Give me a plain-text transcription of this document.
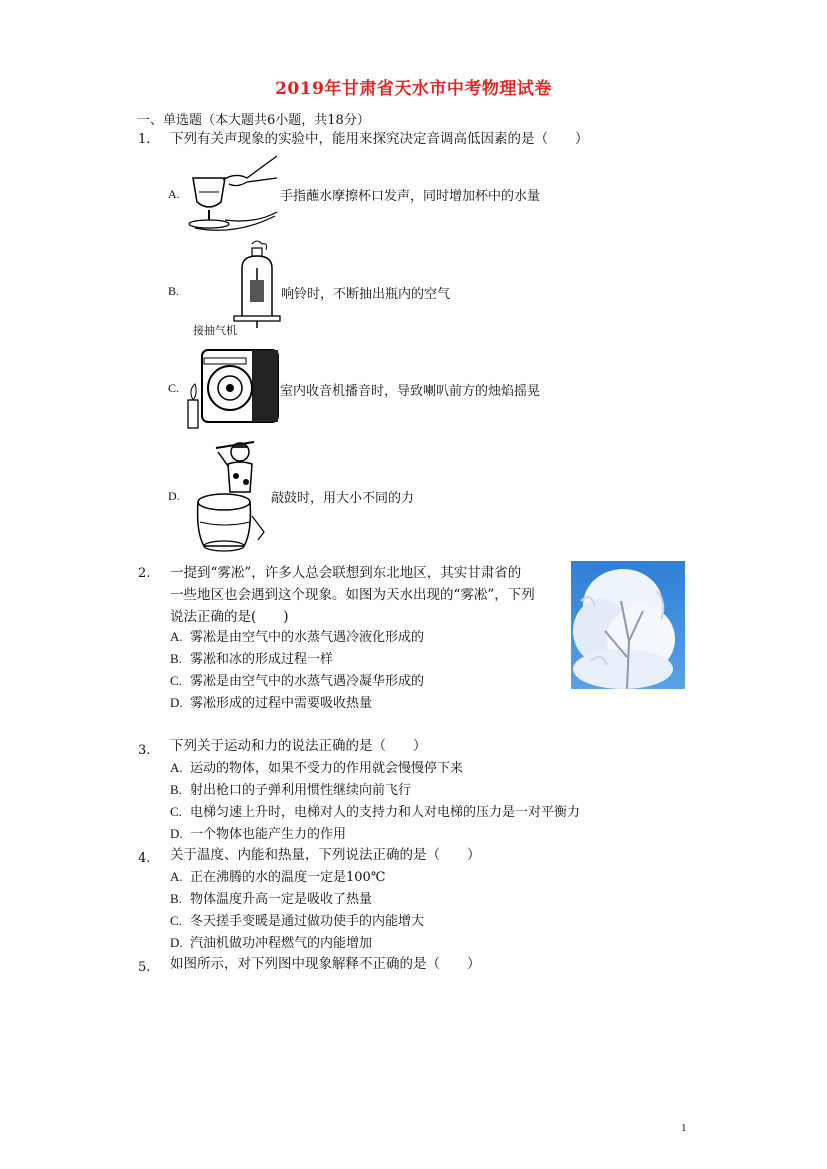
2019年甘肃省天水市中考物理试卷
一、单选题（本大题共6小题，共18分）
1. 下列有关声现象的实验中，能用来探究决定音调高低因素的是（　　）
A.	手指蘸水摩擦杯口发声，同时增加杯中的水量
B.
接抽气机
响铃时，不断抽出瓶内的空气
C.	室内收音机播音时，导致喇叭前方的烛焰摇晃
D.	敲鼓时，用大小不同的力
2. 一提到“雾凇”，许多人总会联想到东北地区，其实甘肃省的
一些地区也会遇到这个现象。如图为天水出现的“雾凇”，下列
说法正确的是(　　)
A. 雾凇是由空气中的水蒸气遇冷液化形成的
B. 雾凇和冰的形成过程一样
C. 雾凇是由空气中的水蒸气遇冷凝华形成的
D. 雾凇形成的过程中需要吸收热量
3. 下列关于运动和力的说法正确的是（　　）
A. 运动的物体，如果不受力的作用就会慢慢停下来
B. 射出枪口的子弹利用惯性继续向前飞行
C. 电梯匀速上升时，电梯对人的支持力和人对电梯的压力是一对平衡力
D. 一个物体也能产生力的作用
4. 关于温度、内能和热量，下列说法正确的是（　　）
A. 正在沸腾的水的温度一定是100℃
B. 物体温度升高一定是吸收了热量
C. 冬天搓手变暖是通过做功使手的内能增大
D. 汽油机做功冲程燃气的内能增加
5. 如图所示，对下列图中现象解释不正确的是（　　）
1
